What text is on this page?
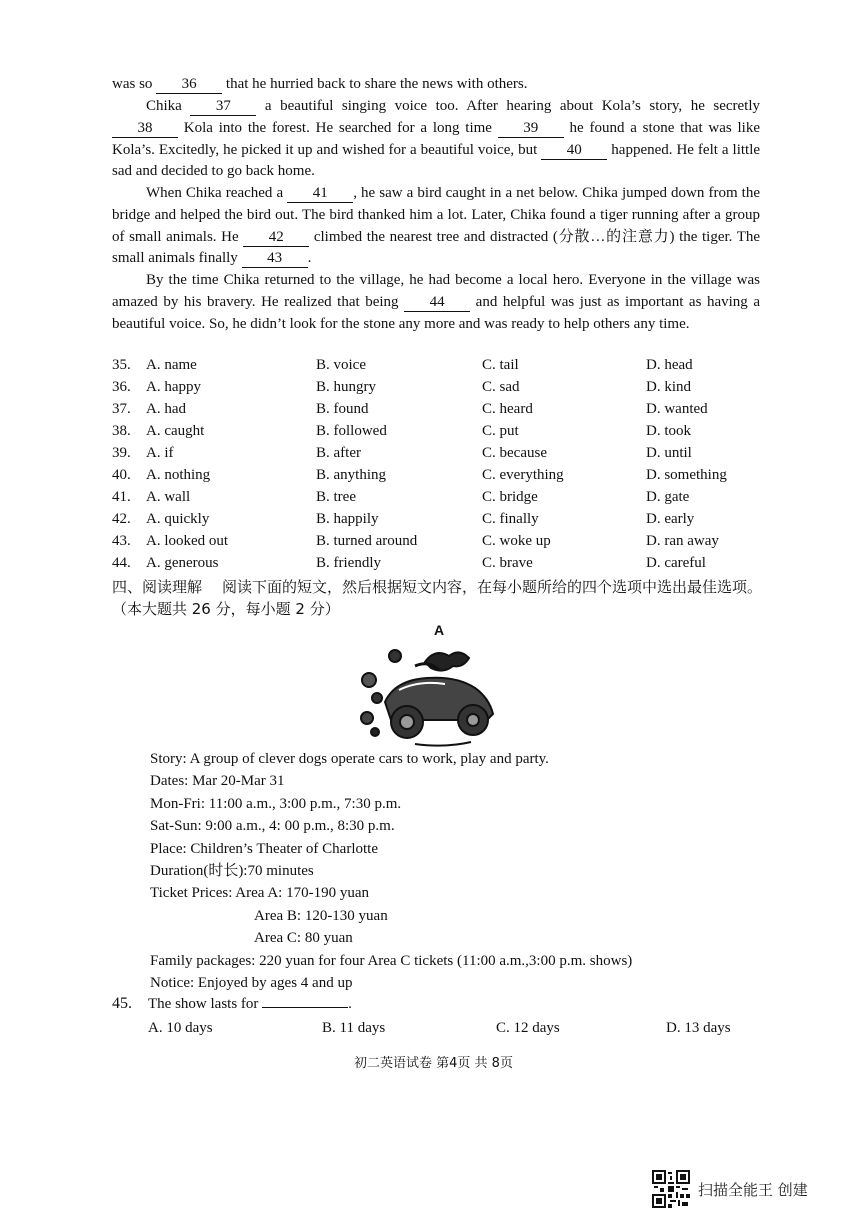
was so 36 that he hurried back to share the news with others.
Chika 37 a beautiful singing voice too. After hearing about Kola’s story, he secretly 38 Kola into the forest. He searched for a long time 39 he found a stone that was like Kola’s. Excitedly, he picked it up and wished for a beautiful voice, but 40 happened. He felt a little sad and decided to go back home.
When Chika reached a 41 , he saw a bird caught in a net below. Chika jumped down from the bridge and helped the bird out. The bird thanked him a lot. Later, Chika found a tiger running after a group of small animals. He 42 climbed the nearest tree and distracted (分散…的注意力) the tiger. The small animals finally 43 .
By the time Chika returned to the village, he had become a local hero. Everyone in the village was amazed by his bravery. He realized that being 44 and helpful was just as important as having a beautiful voice. So, he didn’t look for the stone any more and was ready to help others any time.
35. A. name	B. voice	C. tail	D. head
36. A. happy	B. hungry	C. sad	D. kind
37. A. had	B. found	C. heard	D. wanted
38. A. caught	B. followed	C. put	D. took
39. A. if	B. after	C. because	D. until
40. A. nothing	B. anything	C. everything	D. something
41. A. wall	B. tree	C. bridge	D. gate
42. A. quickly	B. happily	C. finally	D. early
43. A. looked out	B. turned around	C. woke up	D. ran away
44. A. generous	B. friendly	C. brave	D. careful
四、阅读理解 阅读下面的短文，然后根据短文内容，在每小题所给的四个选项中选出最佳选项。 （本大题共 26 分，每小题 2 分）
A
Story: A group of clever dogs operate cars to work, play and party.
Dates: Mar 20-Mar 31
Mon-Fri: 11:00 a.m., 3:00 p.m., 7:30 p.m.
Sat-Sun: 9:00 a.m., 4: 00 p.m., 8:30 p.m.
Place: Children’s Theater of Charlotte
Duration(时长):70 minutes
Ticket Prices: Area A: 170-190 yuan
Area B: 120-130 yuan
Area C: 80 yuan
Family packages: 220 yuan for four Area C tickets (11:00 a.m.,3:00 p.m. shows)
Notice: Enjoyed by ages 4 and up
45. The show lasts for	.
A. 10 days	B. 11 days	C. 12 days	D. 13 days
初二英语试卷 第4页 共 8页
扫描全能王 创建
